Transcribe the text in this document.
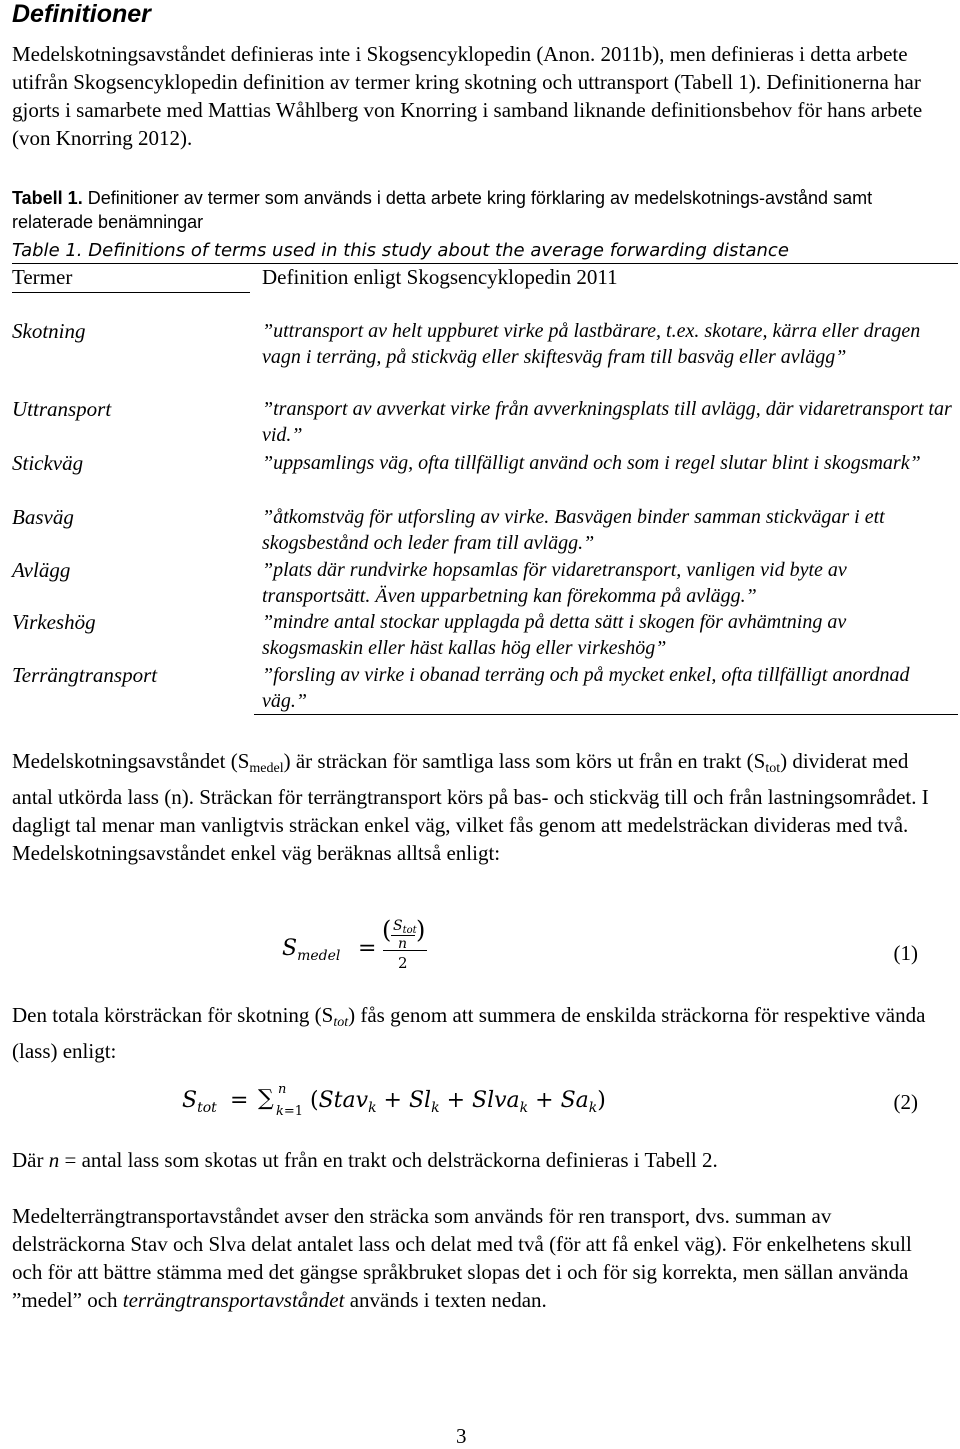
Definitioner

Medelskotningsavståndet definieras inte i Skogsencyklopedin (Anon. 2011b), men definieras i detta arbete utifrån Skogsencyklopedin definition av termer kring skotning och uttransport (Tabell 1). Definitionerna har gjorts i samarbete med Mattias Wåhlberg von Knorring i samband liknande definitionsbehov för hans arbete (von Knorring 2012).

Tabell 1. Definitioner av termer som används i detta arbete kring förklaring av medelskotnings-avstånd samt relaterade benämningar

Table 1. Definitions of terms used in this study about the average forwarding distance

Termer	Definition enligt Skogsencyklopedin 2011
Skotning	”uttransport av helt uppburet virke på lastbärare, t.ex. skotare, kärra eller dragen vagn i terräng, på stickväg eller skiftesväg fram till basväg eller avlägg”
Uttransport	”transport av avverkat virke från avverkningsplats till avlägg, där vidaretransport tar vid.”
Stickväg	”uppsamlings väg, ofta tillfälligt använd och som i regel slutar blint i skogsmark”
Basväg	”åtkomstväg för utforsling av virke. Basvägen binder samman stickvägar i ett skogsbestånd och leder fram till avlägg.”
Avlägg	”plats där rundvirke hopsamlas för vidaretransport, vanligen vid byte av transportsätt. Även upparbetning kan förekomma på avlägg.”
Virkeshög	”mindre antal stockar upplagda på detta sätt i skogen för avhämtning av skogsmaskin eller häst kallas hög eller virkeshög”
Terrängtransport	”forsling av virke i obanad terräng och på mycket enkel, ofta tillfälligt anordnad väg.”

Medelskotningsavståndet $(S_{medel})$ är sträckan för samtliga lass som körs ut från en trakt $(S_{tot})$ dividerat med antal utkörda lass (n). Sträckan för terrängtransport körs på bas- och stickväg till och från lastningsområdet. I dagligt tal menar man vanligtvis sträckan enkel väg, vilket fås genom att medelsträckan divideras med två. Medelskotningsavståndet enkel väg beräknas alltså enligt:

$S_{medel}$ =
( $S_{tot}$
n )
2	(1)

Den totala körsträckan för skotning $(S_{tot})$ fås genom att summera de enskilda sträckorna för respektive vända (lass) enligt:

$S_{tot}$ = ∑ n
k=1 (Stav$_k$ + $Sl_k$ + Slva$_k$ + $Sa_k$)	(2)

Där n = antal lass som skotas ut från en trakt och delsträckorna definieras i Tabell 2.

Medelterrängtransportavståndet avser den sträcka som används för ren transport, dvs. summan av delsträckorna Stav och Slva delat antalet lass och delat med två (för att få enkel väg). För enkelhetens skull och för att bättre stämma med det gängse språkbruket slopas det i och för sig korrekta, men sällan använda ”medel” och terrängtransportavståndet används i texten nedan.

3
